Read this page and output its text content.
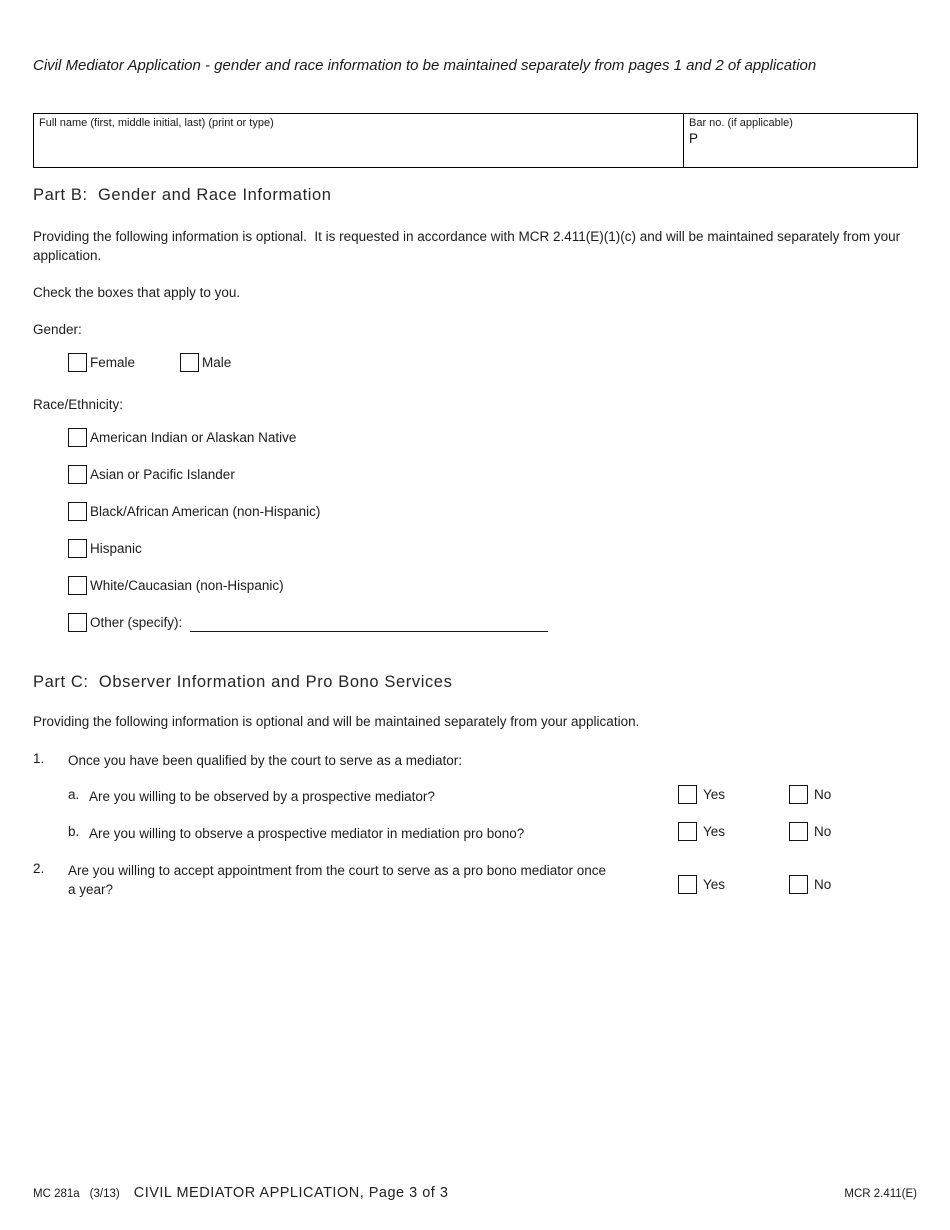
Civil Mediator Application - gender and race information to be maintained separately from pages 1 and 2 of application
Full name (first, middle initial, last) (print or type)	Bar no. (if applicable)
P
Part B:  Gender and Race Information
Providing the following information is optional.  It is requested in accordance with MCR 2.411(E)(1)(c) and will be maintained separately from your application.
Check the boxes that apply to you.
Gender:
Female	Male
Race/Ethnicity:
American Indian or Alaskan Native
Asian or Pacific Islander
Black/African American (non-Hispanic)
Hispanic
White/Caucasian (non-Hispanic)
Other (specify):
Part C:  Observer Information and Pro Bono Services
Providing the following information is optional and will be maintained separately from your application.
1.	Once you have been qualified by the court to serve as a mediator:
a. Are you willing to be observed by a prospective mediator?	Yes	No
b. Are you willing to observe a prospective mediator in mediation pro bono?	Yes	No
2.	Are you willing to accept appointment from the court to serve as a pro bono mediator once a year?	Yes	No
MC 281a (3/13) CIVIL MEDIATOR APPLICATION, Page 3 of 3	MCR 2.411(E)
